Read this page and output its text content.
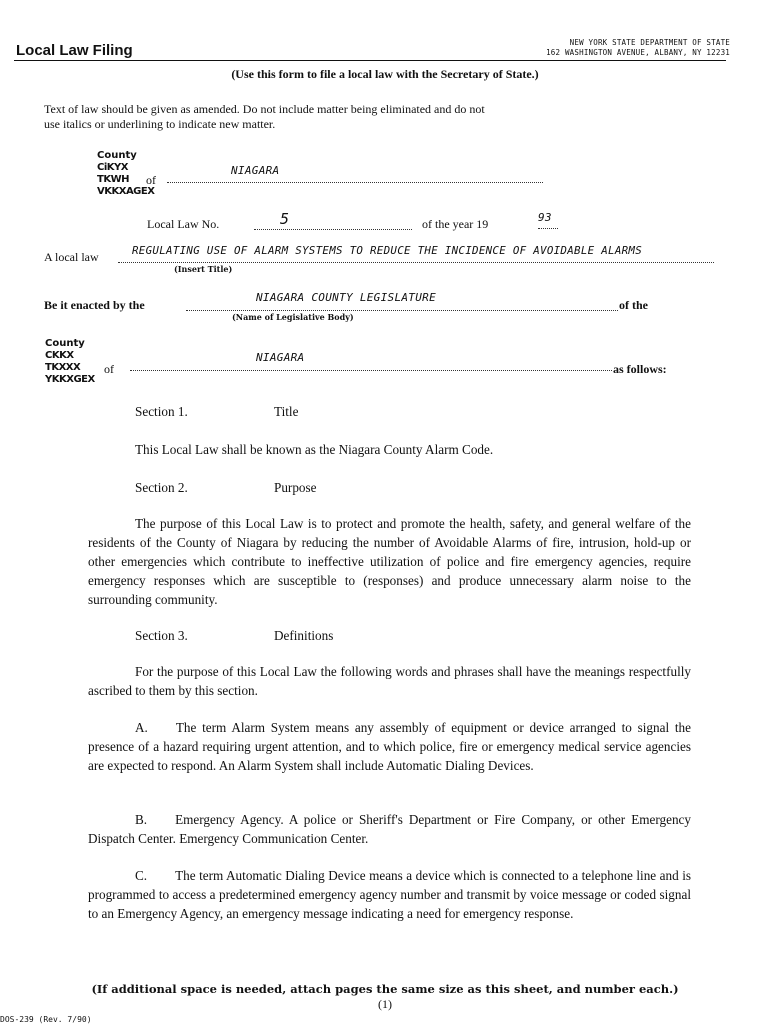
Local Law Filing	NEW YORK STATE DEPARTMENT OF STATE
162 WASHINGTON AVENUE, ALBANY, NY 12231
(Use this form to file a local law with the Secretary of State.)
Text of law should be given as amended. Do not include matter being eliminated and do not
use italics or underlining to indicate new matter.
County
CiKYX
TKWH
VKKXAGEX
of
NIAGARA
Local Law No.	5	of the year 19	93
A local law	REGULATING USE OF ALARM SYSTEMS TO REDUCE THE INCIDENCE OF AVOIDABLE ALARMS
(Insert Title)
Be it enacted by the
NIAGARA COUNTY LEGISLATURE
of the
(Name of Legislative Body)
County
CKKX
TKXXX
YKKXGEX
of
NIAGARA
as follows:
Section 1.	Title
This Local Law shall be known as the Niagara County Alarm Code.
Section 2.	Purpose
The purpose of this Local Law is to protect and promote the health, safety, and general welfare of the residents of the County of Niagara by reducing the number of Avoidable Alarms of fire, intrusion, hold-up or other emergencies which contribute to ineffective utilization of police and fire emergency agencies, require emergency responses which are susceptible to (responses) and produce unnecessary alarm noise to the surrounding community.
Section 3.	Definitions
For the purpose of this Local Law the following words and phrases shall have the meanings respectfully ascribed to them by this section.
A. The term Alarm System means any assembly of equipment or device arranged to signal the presence of a hazard requiring urgent attention, and to which police, fire or emergency medical service agencies are expected to respond. An Alarm System shall include Automatic Dialing Devices.
B. Emergency Agency. A police or Sheriff's Department or Fire Company, or other Emergency Dispatch Center. Emergency Communication Center.
C. The term Automatic Dialing Device means a device which is connected to a telephone line and is programmed to access a predetermined emergency agency number and transmit by voice message or coded signal to an Emergency Agency, an emergency message indicating a need for emergency response.
(If additional space is needed, attach pages the same size as this sheet, and number each.)
(1)
DOS-239 (Rev. 7/90)
